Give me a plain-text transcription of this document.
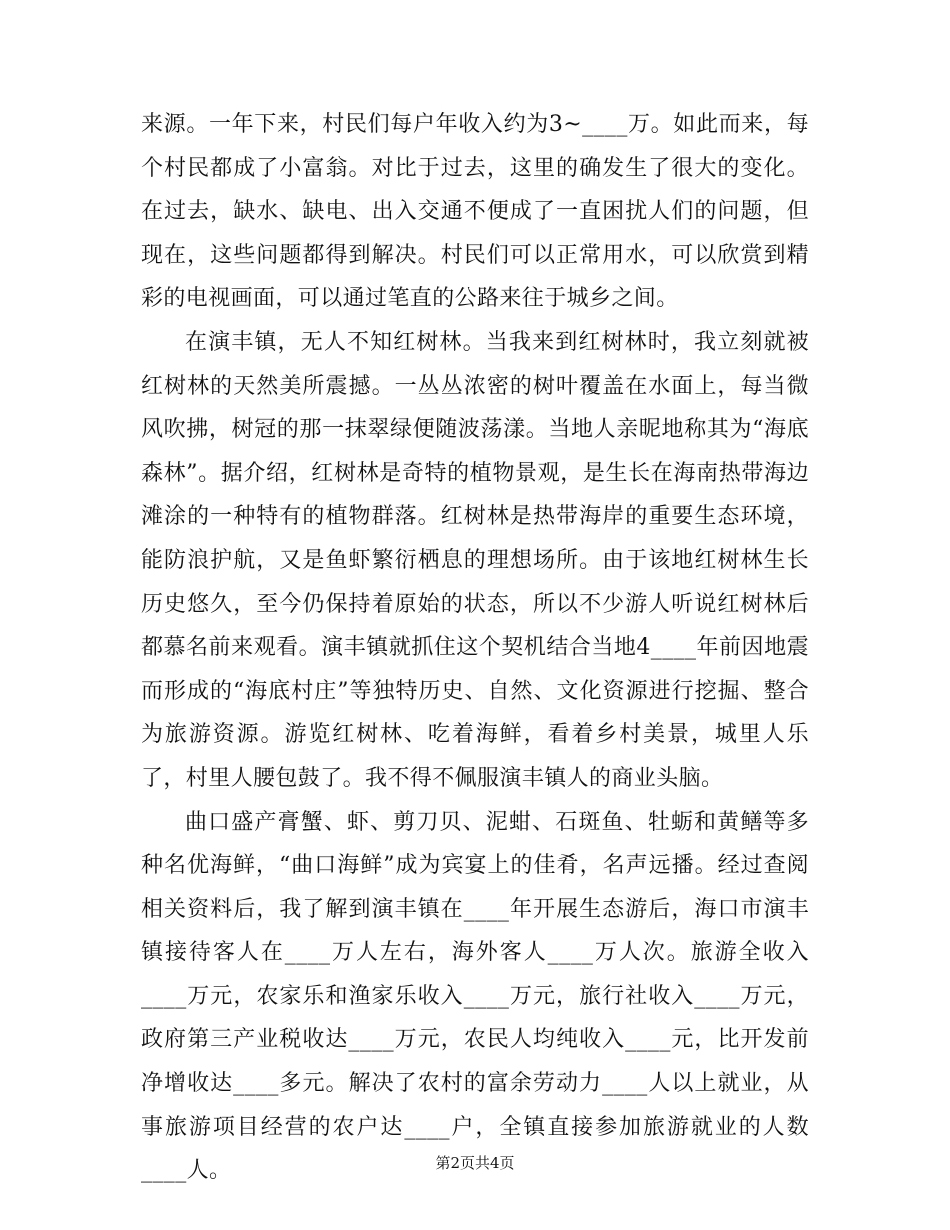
来源。一年下来，村民们每户年收入约为3~____万。如此而来，每个村民都成了小富翁。对比于过去，这里的确发生了很大的变化。在过去，缺水、缺电、出入交通不便成了一直困扰人们的问题，但现在，这些问题都得到解决。村民们可以正常用水，可以欣赏到精彩的电视画面，可以通过笔直的公路来往于城乡之间。

在演丰镇，无人不知红树林。当我来到红树林时，我立刻就被红树林的天然美所震撼。一丛丛浓密的树叶覆盖在水面上，每当微风吹拂，树冠的那一抹翠绿便随波荡漾。当地人亲昵地称其为“海底森林”。据介绍，红树林是奇特的植物景观，是生长在海南热带海边滩涂的一种特有的植物群落。红树林是热带海岸的重要生态环境，能防浪护航，又是鱼虾繁衍栖息的理想场所。由于该地红树林生长历史悠久，至今仍保持着原始的状态，所以不少游人听说红树林后都慕名前来观看。演丰镇就抓住这个契机结合当地4____年前因地震而形成的“海底村庄”等独特历史、自然、文化资源进行挖掘、整合为旅游资源。游览红树林、吃着海鲜，看着乡村美景，城里人乐了，村里人腰包鼓了。我不得不佩服演丰镇人的商业头脑。

曲口盛产膏蟹、虾、剪刀贝、泥蚶、石斑鱼、牡蛎和黄鳝等多种名优海鲜，“曲口海鲜”成为宾宴上的佳肴，名声远播。经过查阅相关资料后，我了解到演丰镇在____年开展生态游后，海口市演丰镇接待客人在____万人左右，海外客人____万人次。旅游全收入____万元，农家乐和渔家乐收入____万元，旅行社收入____万元，政府第三产业税收达____万元，农民人均纯收入____元，比开发前净增收达____多元。解决了农村的富余劳动力____人以上就业，从事旅游项目经营的农户达____户，全镇直接参加旅游就业的人数____人。	第2页共4页
